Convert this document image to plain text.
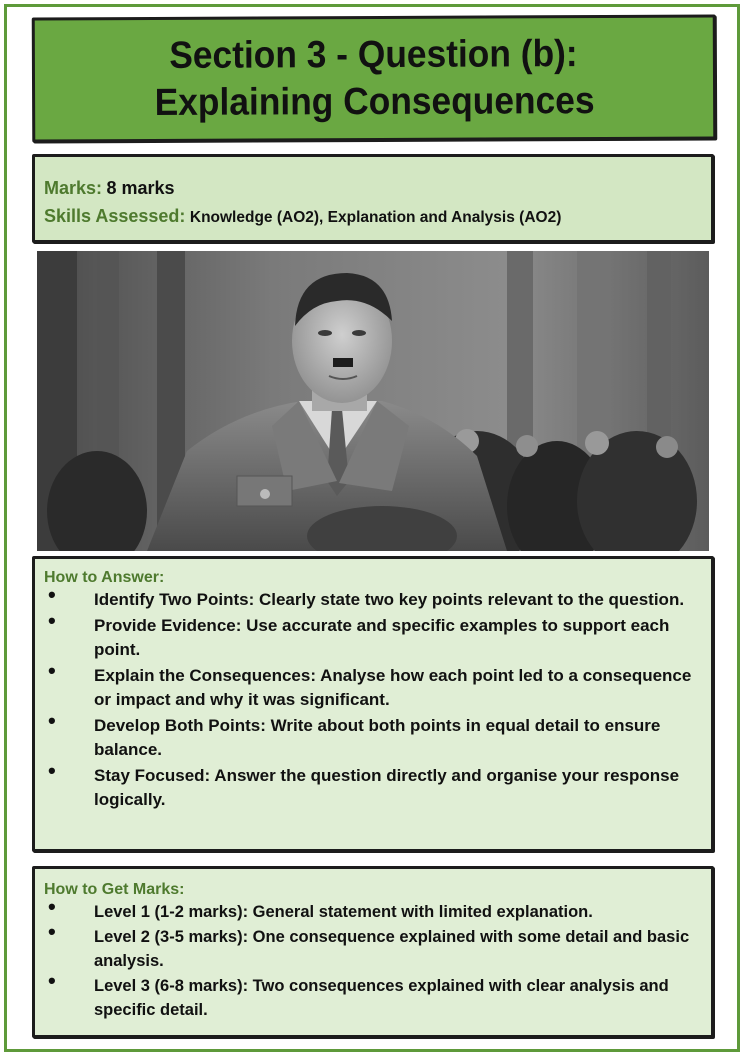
Section 3 - Question (b):
Explaining Consequences
Marks: 8 marks
Skills Assessed: Knowledge (AO2), Explanation and Analysis (AO2)
How to Answer:
• Identify Two Points: Clearly state two key points relevant to the question.
• Provide Evidence: Use accurate and specific examples to support each point.
• Explain the Consequences: Analyse how each point led to a consequence or impact and why it was significant.
• Develop Both Points: Write about both points in equal detail to ensure balance.
• Stay Focused: Answer the question directly and organise your response logically.
How to Get Marks:
• Level 1 (1-2 marks): General statement with limited explanation.
• Level 2 (3-5 marks): One consequence explained with some detail and basic analysis.
• Level 3 (6-8 marks): Two consequences explained with clear analysis and specific detail.
